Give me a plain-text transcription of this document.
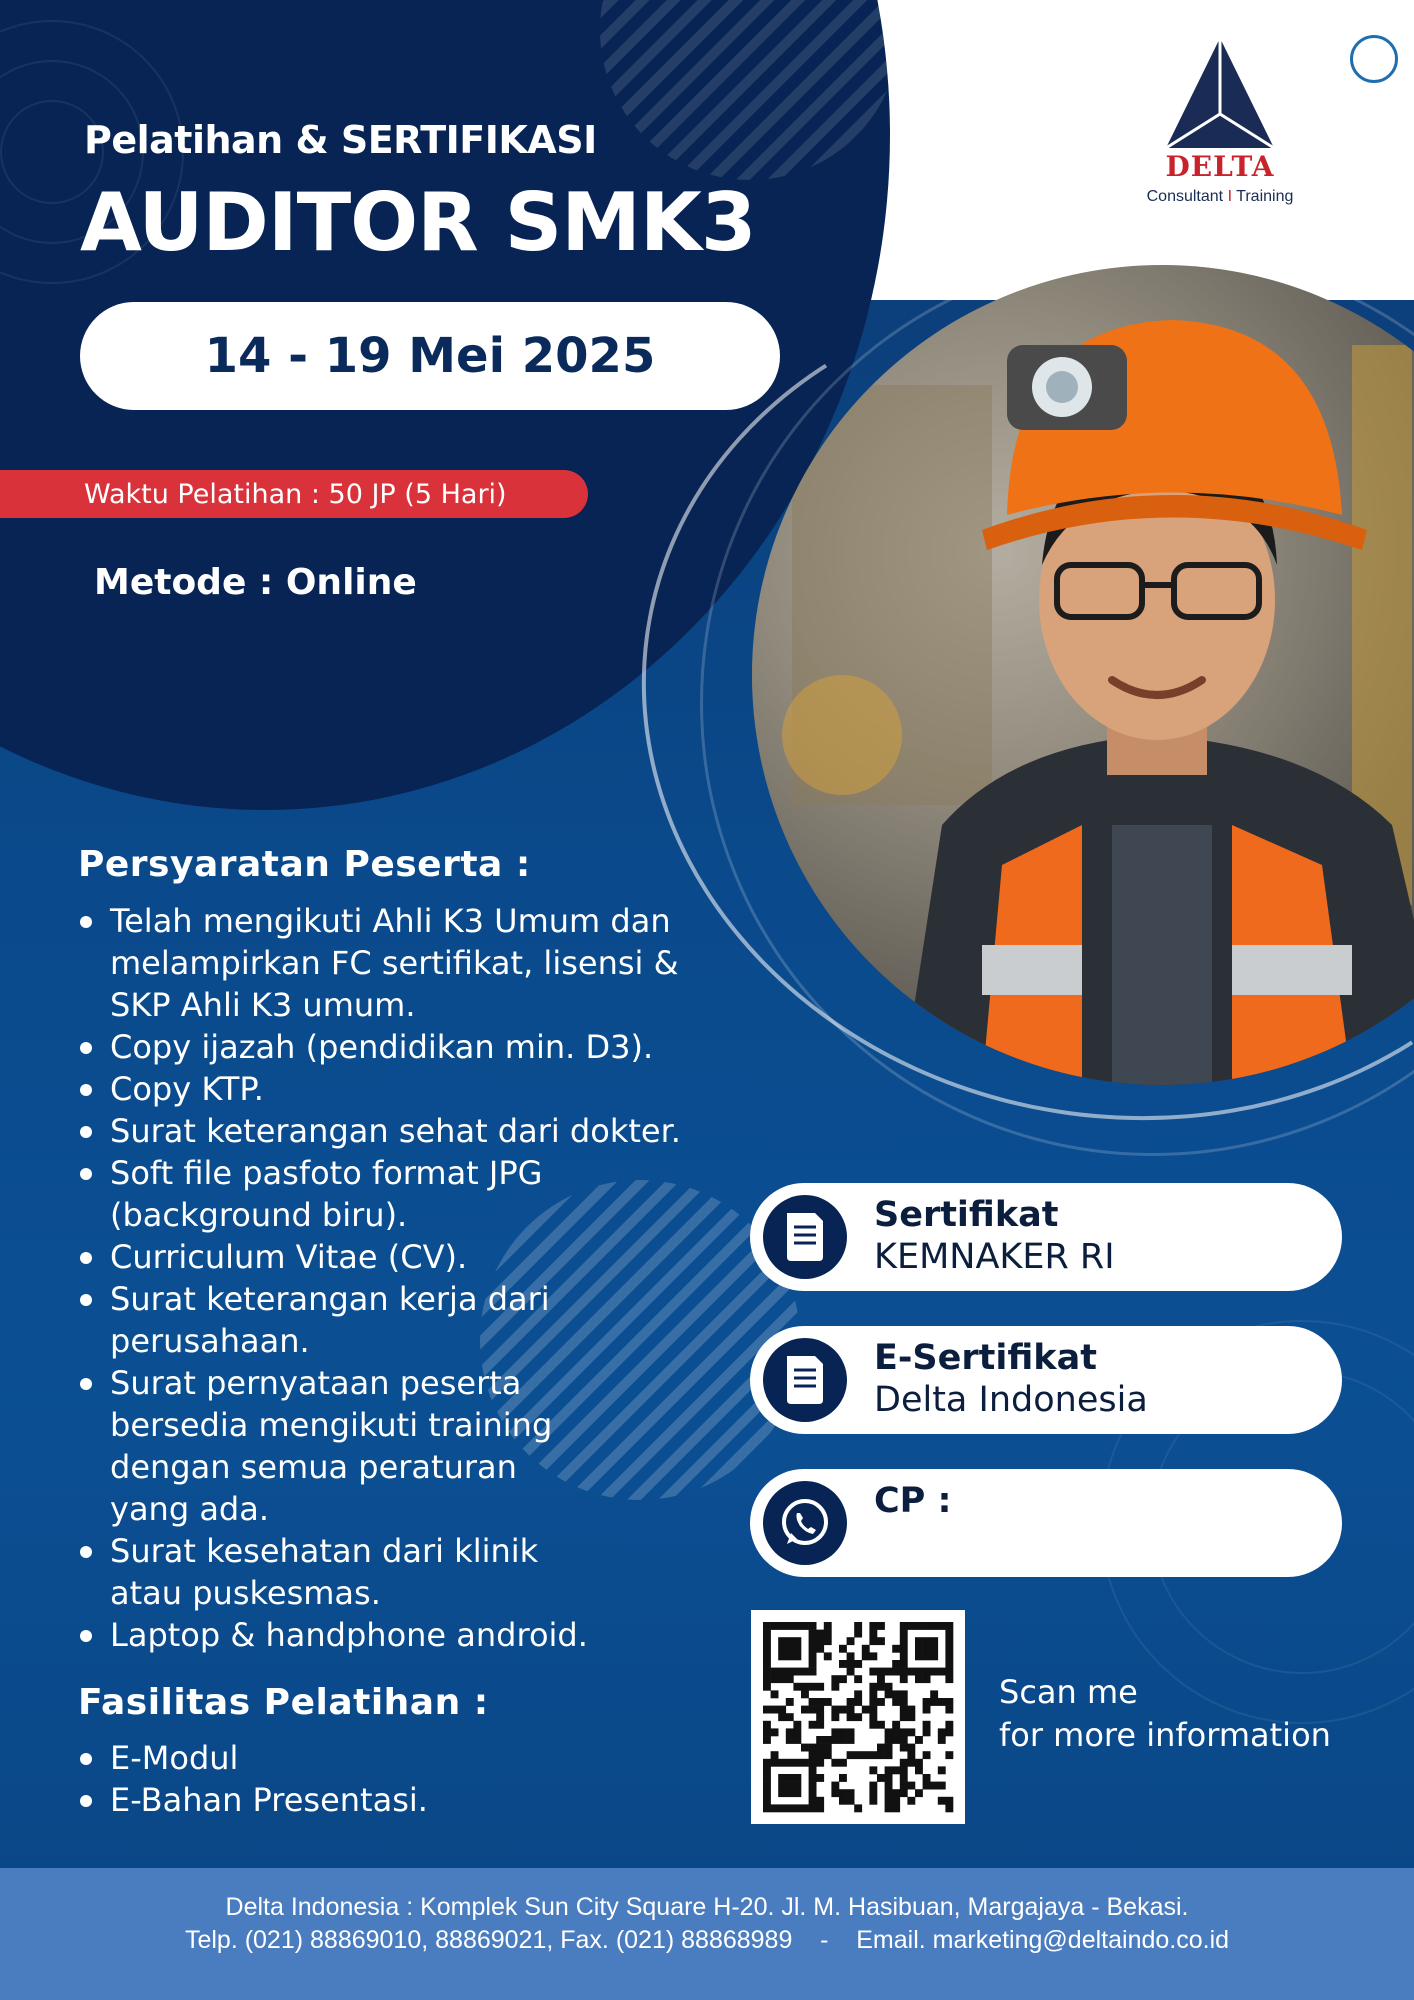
DELTA
Consultant I Training
Pelatihan & SERTIFIKASI
AUDITOR SMK3
14 - 19 Mei 2025
Waktu Pelatihan : 50 JP (5 Hari)
Metode : Online
Persyaratan Peserta :
Telah mengikuti Ahli K3 Umum dan melampirkan FC sertifikat, lisensi & SKP Ahli K3 umum.
Copy ijazah (pendidikan min. D3).
Copy KTP.
Surat keterangan sehat dari dokter.
Soft file pasfoto format JPG (background biru).
Curriculum Vitae (CV).
Surat keterangan kerja dari perusahaan.
Surat pernyataan peserta bersedia mengikuti training dengan semua peraturan yang ada.
Surat kesehatan dari klinik atau puskesmas.
Laptop & handphone android.
Fasilitas Pelatihan :
E-Modul
E-Bahan Presentasi.
Sertifikat
KEMNAKER RI
E-Sertifikat
Delta Indonesia
CP :
Scan me
for more information
Delta Indonesia : Komplek Sun City Square H-20. Jl. M. Hasibuan, Margajaya - Bekasi.
Telp. (021) 88869010, 88869021, Fax. (021) 88868989    -    Email. marketing@deltaindo.co.id
